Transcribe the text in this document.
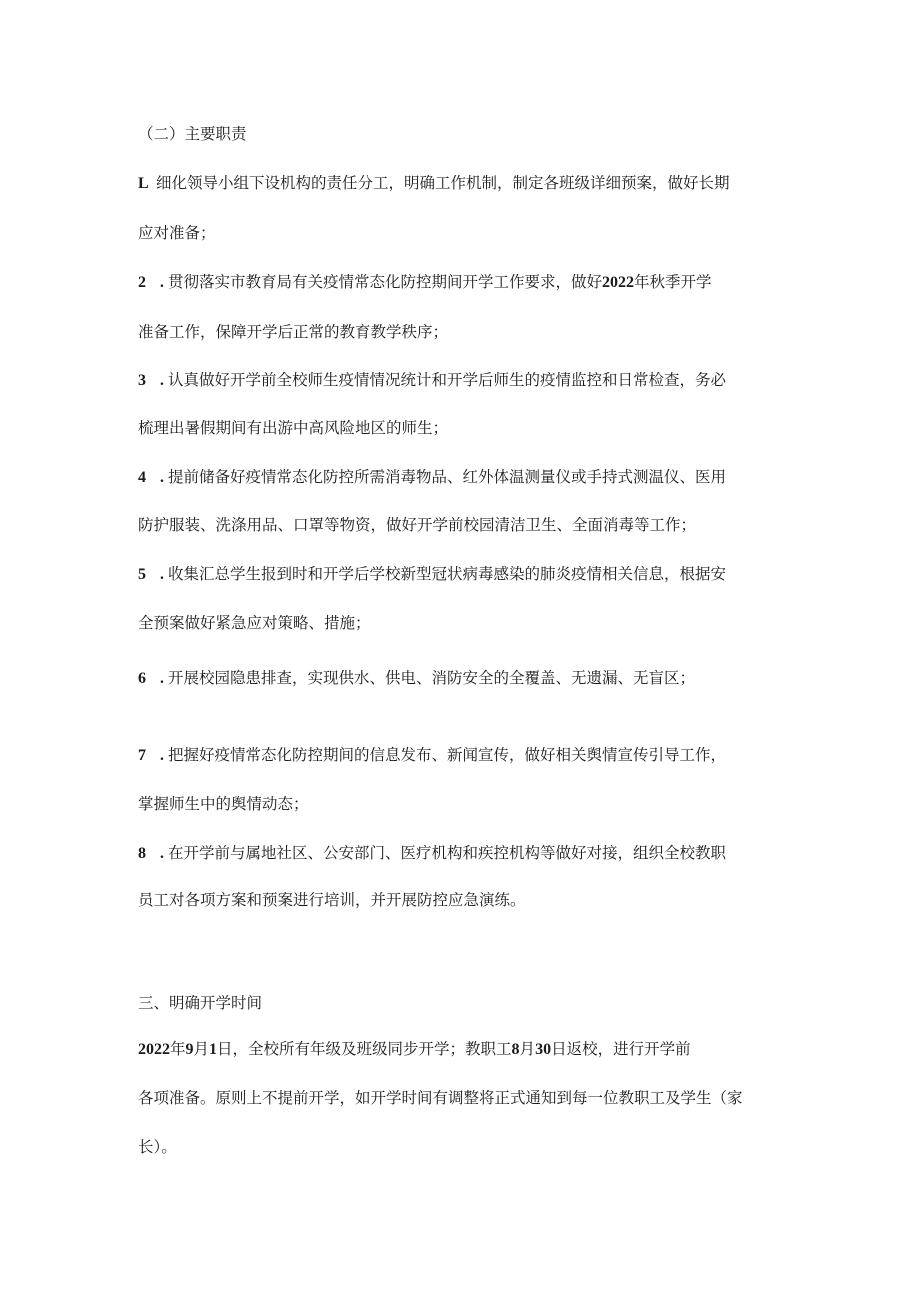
（二）主要职责
L 细化领导小组下设机构的责任分工，明确工作机制，制定各班级详细预案，做好长期
应对准备；
2 . 贯彻落实市教育局有关疫情常态化防控期间开学工作要求，做好2022年秋季开学
准备工作，保障开学后正常的教育教学秩序；
3 . 认真做好开学前全校师生疫情情况统计和开学后师生的疫情监控和日常检查，务必
梳理出暑假期间有出游中高风险地区的师生；
4 . 提前储备好疫情常态化防控所需消毒物品、红外体温测量仪或手持式测温仪、医用
防护服装、洗涤用品、口罩等物资，做好开学前校园清洁卫生、全面消毒等工作；
5 . 收集汇总学生报到时和开学后学校新型冠状病毒感染的肺炎疫情相关信息，根据安
全预案做好紧急应对策略、措施；
6 . 开展校园隐患排查，实现供水、供电、消防安全的全覆盖、无遗漏、无盲区；
7 . 把握好疫情常态化防控期间的信息发布、新闻宣传，做好相关舆情宣传引导工作，
掌握师生中的舆情动态；
8 . 在开学前与属地社区、公安部门、医疗机构和疾控机构等做好对接，组织全校教职
员工对各项方案和预案进行培训，并开展防控应急演练。
三、明确开学时间
2022年9月1日，全校所有年级及班级同步开学；教职工8月30日返校，进行开学前
各项准备。原则上不提前开学，如开学时间有调整将正式通知到每一位教职工及学生（家
长）。
